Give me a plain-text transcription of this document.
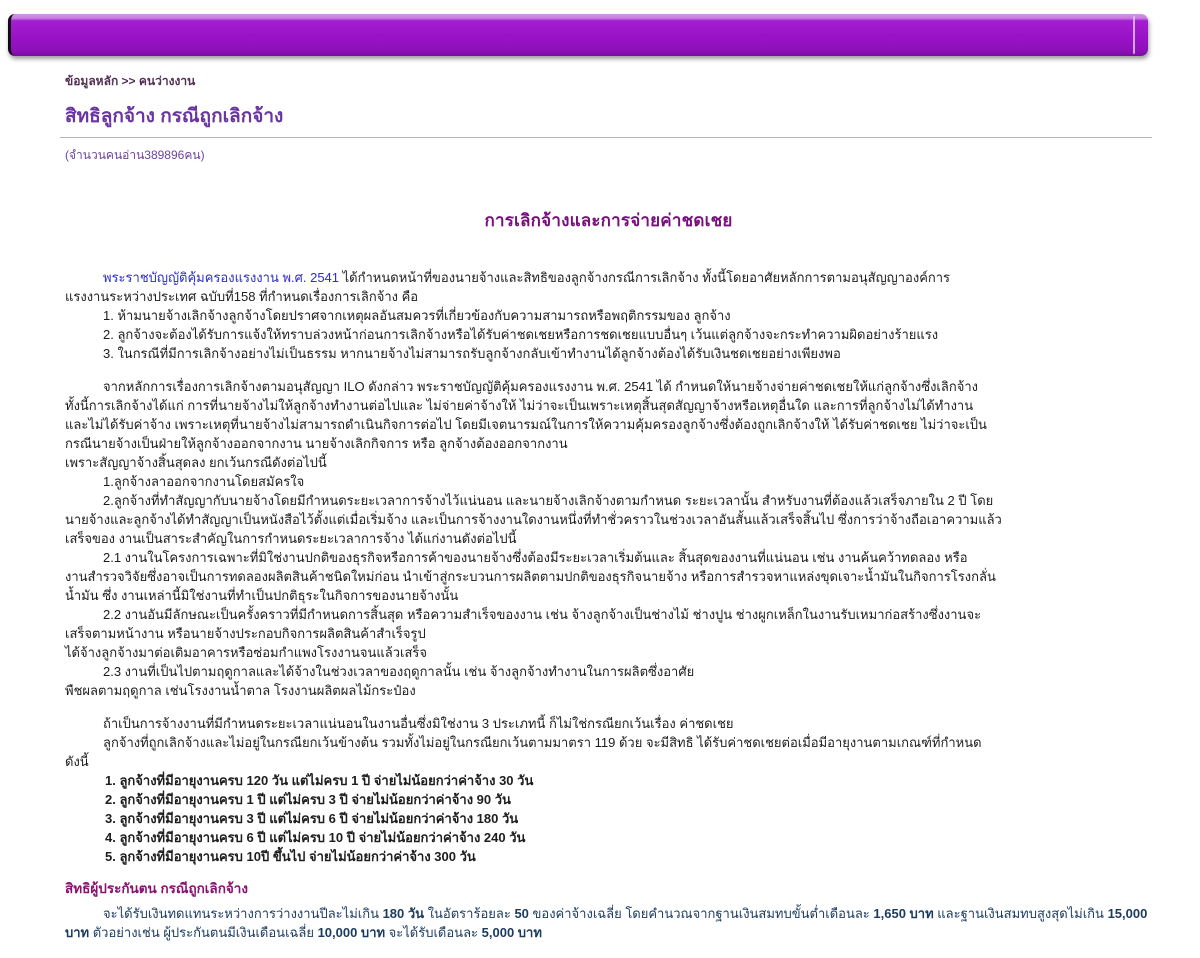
ข้อมูลหลัก >> คนว่างงาน
สิทธิลูกจ้าง กรณีถูกเลิกจ้าง
(จำนวนคนอ่าน389896คน)
การเลิกจ้างและการจ่ายค่าชดเชย
พระราชบัญญัติคุ้มครองแรงงาน พ.ศ. 2541 ได้กำหนดหน้าที่ของนายจ้างและสิทธิของลูกจ้างกรณีการเลิกจ้าง ทั้งนี้โดยอาศัยหลักการตามอนุสัญญาองค์การ
แรงงานระหว่างประเทศ ฉบับที่158 ที่กำหนดเรื่องการเลิกจ้าง คือ
1. ห้ามนายจ้างเลิกจ้างลูกจ้างโดยปราศจากเหตุผลอันสมควรที่เกี่ยวข้องกับความสามารถหรือพฤติกรรมของ ลูกจ้าง
2. ลูกจ้างจะต้องได้รับการแจ้งให้ทราบล่วงหน้าก่อนการเลิกจ้างหรือได้รับค่าชดเชยหรือการชดเชยแบบอื่นๆ เว้นแต่ลูกจ้างจะกระทำความผิดอย่างร้ายแรง
3. ในกรณีที่มีการเลิกจ้างอย่างไม่เป็นธรรม หากนายจ้างไม่สามารถรับลูกจ้างกลับเข้าทำงานได้ลูกจ้างต้องได้รับเงินชดเชยอย่างเพียงพอ
จากหลักการเรื่องการเลิกจ้างตามอนุสัญญา ILO ดังกล่าว พระราชบัญญัติคุ้มครองแรงงาน พ.ศ. 2541 ได้ กำหนดให้นายจ้างจ่ายค่าชดเชยให้แก่ลูกจ้างซึ่งเลิกจ้าง
ทั้งนี้การเลิกจ้างได้แก่ การที่นายจ้างไม่ให้ลูกจ้างทำงานต่อไปและ ไม่จ่ายค่าจ้างให้ ไม่ว่าจะเป็นเพราะเหตุสิ้นสุดสัญญาจ้างหรือเหตุอื่นใด และการที่ลูกจ้างไม่ได้ทำงาน
และไม่ได้รับค่าจ้าง เพราะเหตุที่นายจ้างไม่สามารถดำเนินกิจการต่อไป โดยมีเจตนารมณ์ในการให้ความคุ้มครองลูกจ้างซึ่งต้องถูกเลิกจ้างให้ ได้รับค่าชดเชย ไม่ว่าจะเป็น
กรณีนายจ้างเป็นฝ่ายให้ลูกจ้างออกจากงาน นายจ้างเลิกกิจการ หรือ ลูกจ้างต้องออกจากงาน
เพราะสัญญาจ้างสิ้นสุดลง ยกเว้นกรณีดังต่อไปนี้
1.ลูกจ้างลาออกจากงานโดยสมัครใจ
2.ลูกจ้างที่ทำสัญญากับนายจ้างโดยมีกำหนดระยะเวลาการจ้างไว้แน่นอน และนายจ้างเลิกจ้างตามกำหนด ระยะเวลานั้น สำหรับงานที่ต้องแล้วเสร็จภายใน 2 ปี โดย
นายจ้างและลูกจ้างได้ทำสัญญาเป็นหนังสือไว้ตั้งแต่เมื่อเริ่มจ้าง และเป็นการจ้างงานใดงานหนึ่งที่ทำชั่วคราวในช่วงเวลาอันสั้นแล้วเสร็จสิ้นไป ซึ่งการว่าจ้างถือเอาความแล้ว
เสร็จของ งานเป็นสาระสำคัญในการกำหนดระยะเวลาการจ้าง ได้แก่งานดังต่อไปนี้
2.1 งานในโครงการเฉพาะที่มิใช่งานปกติของธุรกิจหรือการค้าของนายจ้างซึ่งต้องมีระยะเวลาเริ่มต้นและ สิ้นสุดของงานที่แน่นอน เช่น งานค้นคว้าทดลอง หรือ
งานสำรวจวิจัยซึ่งอาจเป็นการทดลองผลิตสินค้าชนิดใหม่ก่อน นำเข้าสู่กระบวนการผลิตตามปกติของธุรกิจนายจ้าง หรือการสำรวจหาแหล่งขุดเจาะน้ำมันในกิจการโรงกลั่น
น้ำมัน ซึ่ง งานเหล่านี้มิใช่งานที่ทำเป็นปกติธุระในกิจการของนายจ้างนั้น
2.2 งานอันมีลักษณะเป็นครั้งคราวที่มีกำหนดการสิ้นสุด หรือความสำเร็จของงาน เช่น จ้างลูกจ้างเป็นช่างไม้ ช่างปูน ช่างผูกเหล็กในงานรับเหมาก่อสร้างซึ่งงานจะ
เสร็จตามหน้างาน หรือนายจ้างประกอบกิจการผลิตสินค้าสำเร็จรูป
ได้จ้างลูกจ้างมาต่อเติมอาคารหรือซ่อมกำแพงโรงงานจนแล้วเสร็จ
2.3 งานที่เป็นไปตามฤดูกาลและได้จ้างในช่วงเวลาของฤดูกาลนั้น เช่น จ้างลูกจ้างทำงานในการผลิตซึ่งอาศัย
พืชผลตามฤดูกาล เช่นโรงงานน้ำตาล โรงงานผลิตผลไม้กระป๋อง
ถ้าเป็นการจ้างงานที่มีกำหนดระยะเวลาแน่นอนในงานอื่นซึ่งมิใช่งาน 3 ประเภทนี้ ก็ไม่ใช่กรณียกเว้นเรื่อง ค่าชดเชย
ลูกจ้างที่ถูกเลิกจ้างและไม่อยู่ในกรณียกเว้นข้างต้น รวมทั้งไม่อยู่ในกรณียกเว้นตามมาตรา 119 ด้วย จะมีสิทธิ ได้รับค่าชดเชยต่อเมื่อมีอายุงานตามเกณฑ์ที่กำหนด
ดังนี้
1. ลูกจ้างที่มีอายุงานครบ 120 วัน แต่ไม่ครบ 1 ปี จ่ายไม่น้อยกว่าค่าจ้าง 30 วัน
2. ลูกจ้างที่มีอายุงานครบ 1 ปี แต่ไม่ครบ 3 ปี จ่ายไม่น้อยกว่าค่าจ้าง 90 วัน
3. ลูกจ้างที่มีอายุงานครบ 3 ปี แต่ไม่ครบ 6 ปี จ่ายไม่น้อยกว่าค่าจ้าง 180 วัน
4. ลูกจ้างที่มีอายุงานครบ 6 ปี แต่ไม่ครบ 10 ปี จ่ายไม่น้อยกว่าค่าจ้าง 240 วัน
5. ลูกจ้างที่มีอายุงานครบ 10ปี ขึ้นไป จ่ายไม่น้อยกว่าค่าจ้าง 300 วัน
สิทธิผู้ประกันตน กรณีถูกเลิกจ้าง
จะได้รับเงินทดแทนระหว่างการว่างงานปีละไม่เกิน 180 วัน ในอัตราร้อยละ 50 ของค่าจ้างเฉลี่ย โดยคำนวณจากฐานเงินสมทบขั้นต่ำเดือนละ 1,650 บาท และฐานเงินสมทบสูงสุดไม่เกิน 15,000 บาท ตัวอย่างเช่น ผู้ประกันตนมีเงินเดือนเฉลี่ย 10,000 บาท จะได้รับเดือนละ 5,000 บาท
